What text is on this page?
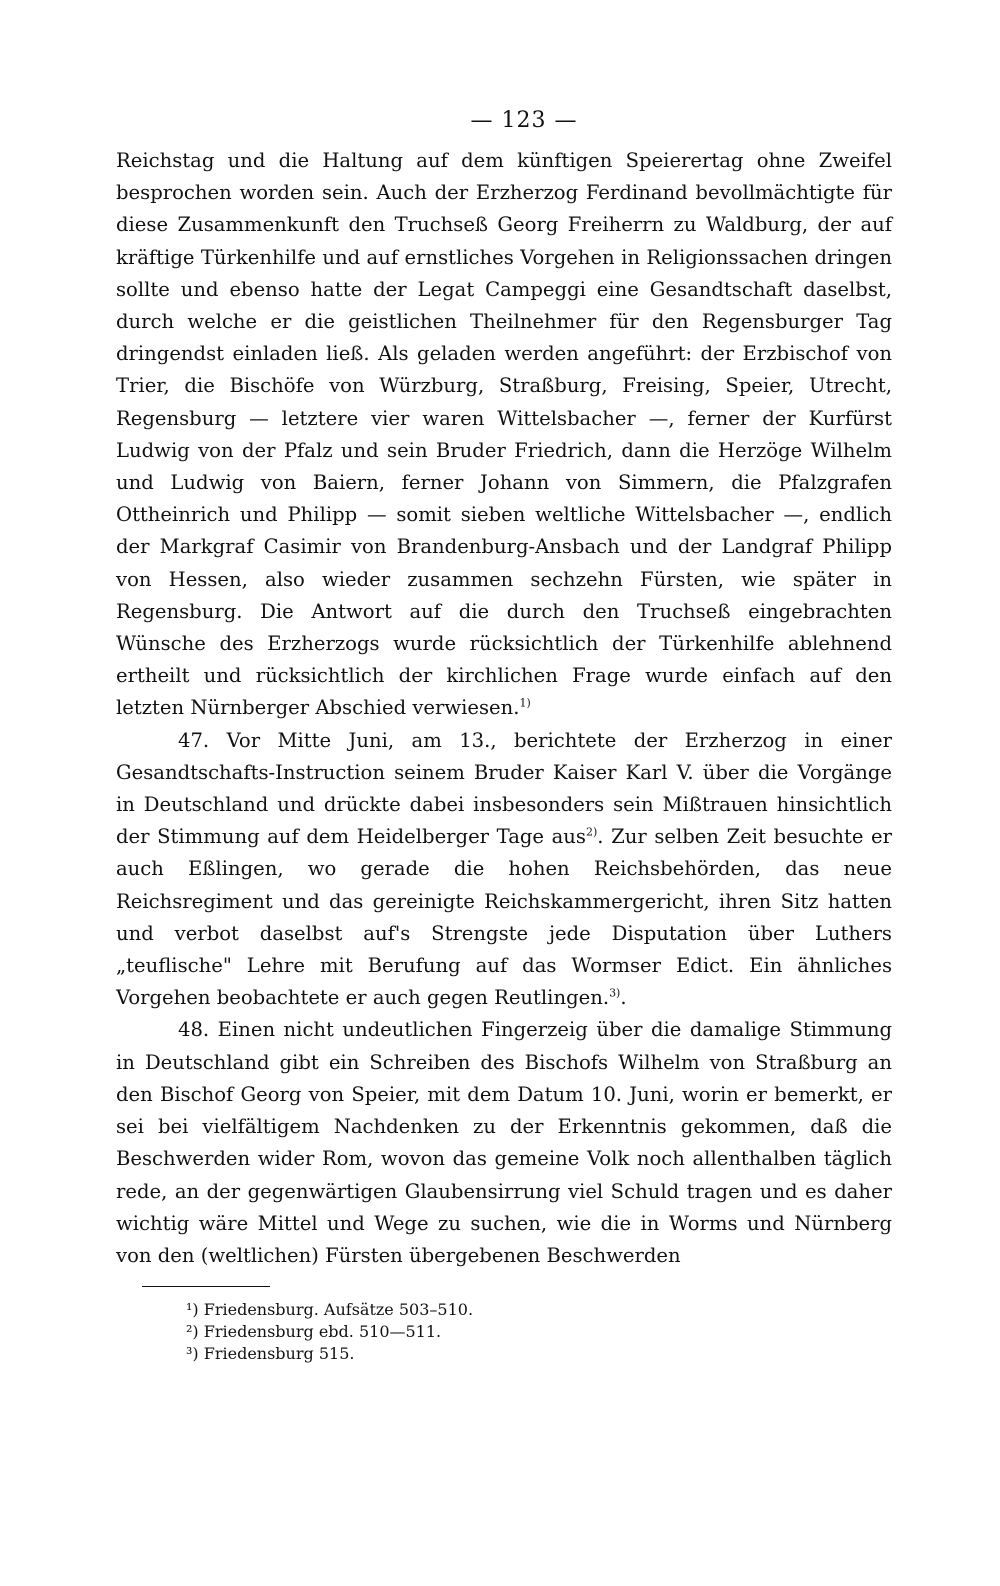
— 123 —

Reichstag und die Haltung auf dem künftigen Speierertag ohne Zweifel besprochen worden sein. Auch der Erzherzog Ferdinand bevollmächtigte für diese Zusammenkunft den Truchseß Georg Freiherrn zu Waldburg, der auf kräftige Türkenhilfe und auf ernstliches Vorgehen in Religionssachen dringen sollte und ebenso hatte der Legat Campeggi eine Gesandtschaft daselbst, durch welche er die geistlichen Theilnehmer für den Regensburger Tag dringendst einladen ließ. Als geladen werden angeführt: der Erzbischof von Trier, die Bischöfe von Würzburg, Straßburg, Freising, Speier, Utrecht, Regensburg — letztere vier waren Wittelsbacher —, ferner der Kurfürst Ludwig von der Pfalz und sein Bruder Friedrich, dann die Herzöge Wilhelm und Ludwig von Baiern, ferner Johann von Simmern, die Pfalzgrafen Ottheinrich und Philipp — somit sieben weltliche Wittelsbacher —, endlich der Markgraf Casimir von Brandenburg-Ansbach und der Landgraf Philipp von Hessen, also wieder zusammen sechzehn Fürsten, wie später in Regensburg. Die Antwort auf die durch den Truchseß eingebrachten Wünsche des Erzherzogs wurde rücksichtlich der Türkenhilfe ablehnend ertheilt und rücksichtlich der kirchlichen Frage wurde einfach auf den letzten Nürnberger Abschied verwiesen.$^{1)}$

47. Vor Mitte Juni, am 13., berichtete der Erzherzog in einer Gesandtschafts-Instruction seinem Bruder Kaiser Karl V. über die Vorgänge in Deutschland und drückte dabei insbesonders sein Mißtrauen hinsichtlich der Stimmung auf dem Heidelberger Tage aus$^{2)}$. Zur selben Zeit besuchte er auch Eßlingen, wo gerade die hohen Reichsbehörden, das neue Reichsregiment und das gereinigte Reichskammergericht, ihren Sitz hatten und verbot daselbst auf's Strengste jede Disputation über Luthers „teuflische" Lehre mit Berufung auf das Wormser Edict. Ein ähnliches Vorgehen beobachtete er auch gegen Reutlingen.$^{3)}$.

48. Einen nicht undeutlichen Fingerzeig über die damalige Stimmung in Deutschland gibt ein Schreiben des Bischofs Wilhelm von Straßburg an den Bischof Georg von Speier, mit dem Datum 10. Juni, worin er bemerkt, er sei bei vielfältigem Nachdenken zu der Erkenntnis gekommen, daß die Beschwerden wider Rom, wovon das gemeine Volk noch allenthalben täglich rede, an der gegenwärtigen Glaubensirrung viel Schuld tragen und es daher wichtig wäre Mittel und Wege zu suchen, wie die in Worms und Nürnberg von den (weltlichen) Fürsten übergebenen Beschwerden

¹) Friedensburg. Aufsätze 503–510.
²) Friedensburg ebd. 510—511.
³) Friedensburg 515.
